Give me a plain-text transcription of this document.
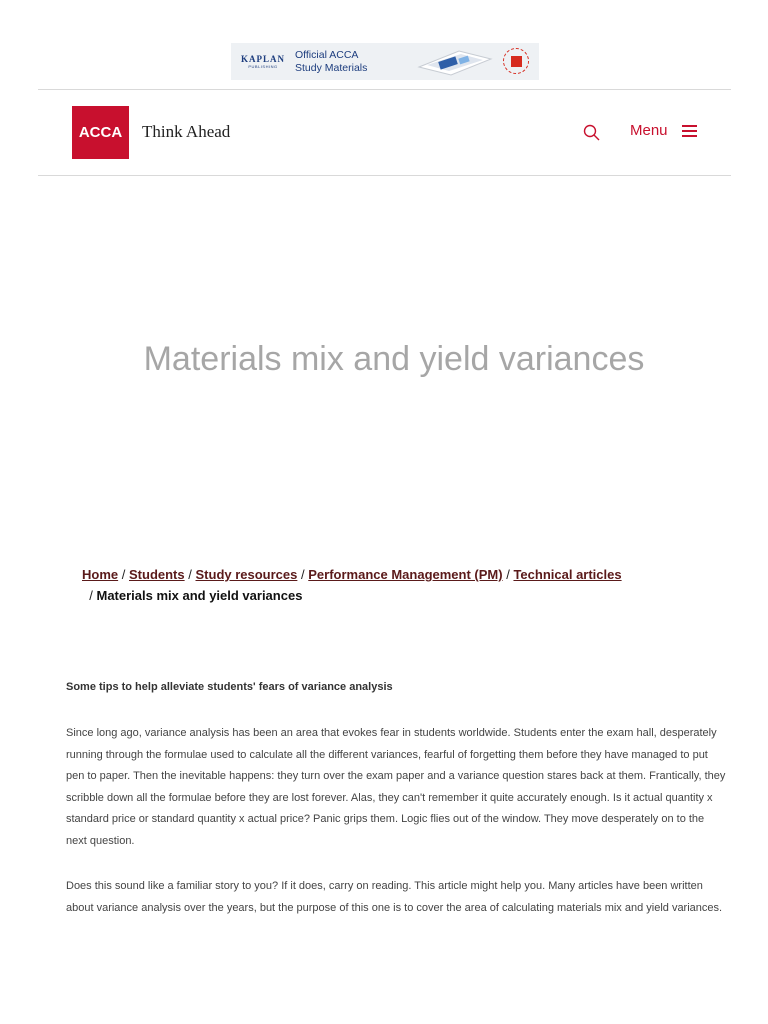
KAPLAN
PUBLISHING
Official ACCA
Study Materials
ACCA Think Ahead	Menu
Materials mix and yield variances
Home / Students / Study resources / Performance Management (PM) / Technical articles
/ Materials mix and yield variances
Some tips to help alleviate students' fears of variance analysis

Since long ago, variance analysis has been an area that evokes fear in students worldwide. Students enter the exam hall, desperately running through the formulae used to calculate all the different variances, fearful of forgetting them before they have managed to put pen to paper. Then the inevitable happens: they turn over the exam paper and a variance question stares back at them. Frantically, they scribble down all the formulae before they are lost forever. Alas, they can't remember it quite accurately enough. Is it actual quantity x standard price or standard quantity x actual price? Panic grips them. Logic flies out of the window. They move desperately on to the next question.

Does this sound like a familiar story to you? If it does, carry on reading. This article might help you. Many articles have been written about variance analysis over the years, but the purpose of this one is to cover the area of calculating materials mix and yield variances.
